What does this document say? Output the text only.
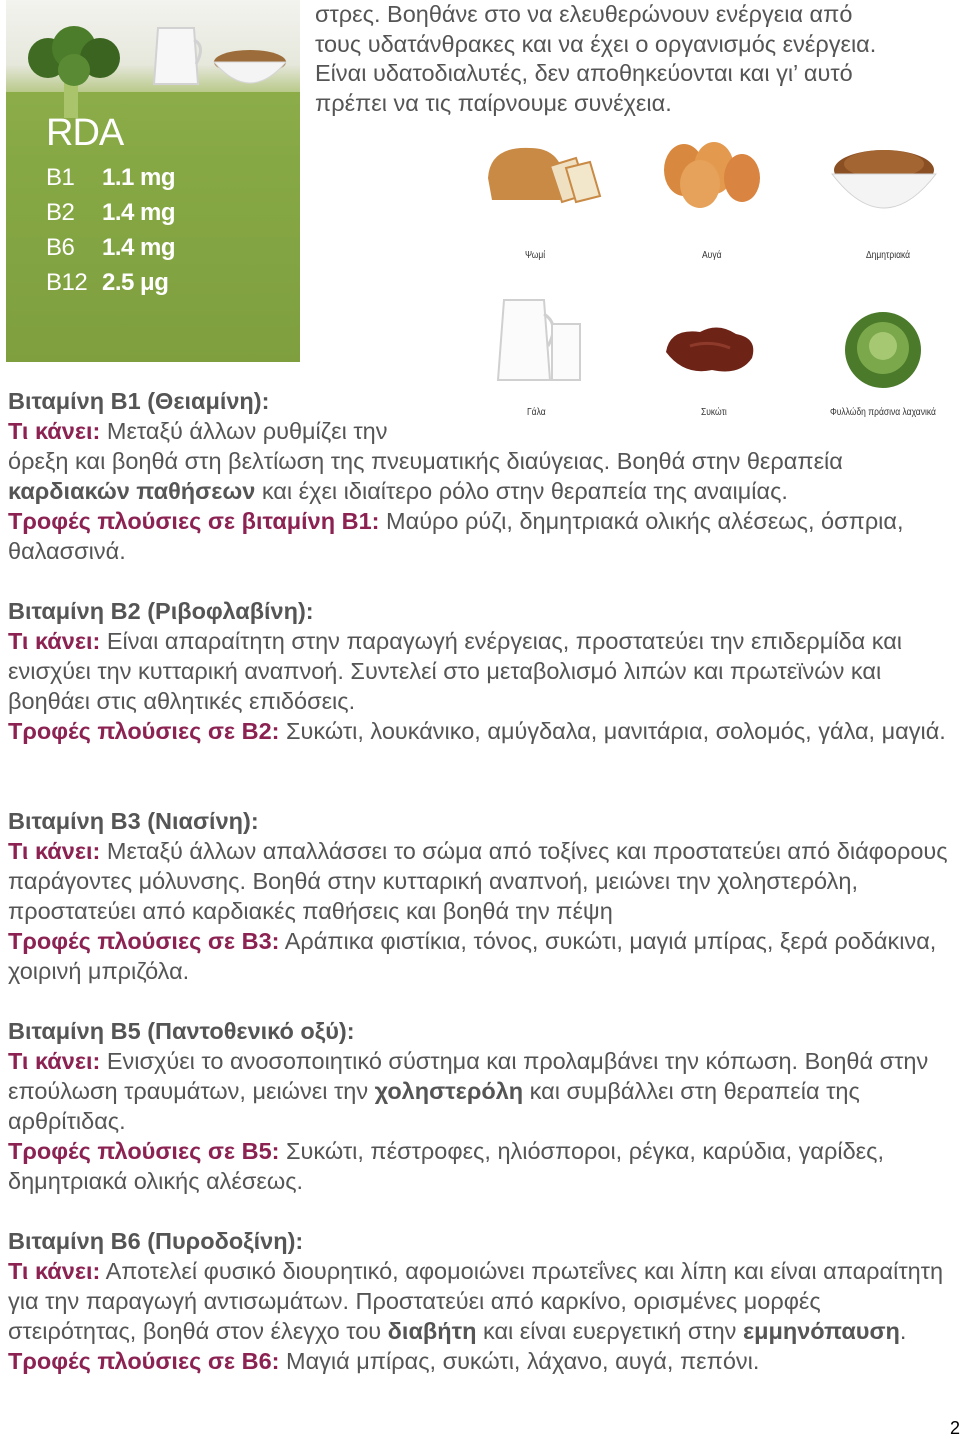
στρες. Βοηθάνε στο να ελευθερώνουν ενέργεια από
τους υδατάνθρακες και να έχει ο οργανισμός ενέργεια.
Είναι υδατοδιαλυτές, δεν αποθηκεύονται και γι’ αυτό
πρέπει να τις παίρνουμε συνέχεια.
RDA
B1 1.1 mg
B2 1.4 mg
B6 1.4 mg
B12 2.5 μg
Ψωμί	Αυγά	Δημητριακά
Γάλα	Συκώτι	Φυλλώδη πράσινα λαχανικά

Βιταμίνη Β1 (Θειαμίνη):

Τι κάνει: Μεταξύ άλλων ρυθμίζει την

όρεξη και βοηθά στη βελτίωση της πνευματικής διαύγειας. Βοηθά στην θεραπεία καρδιακών παθήσεων και έχει ιδιαίτερο ρόλο στην θεραπεία της αναιμίας.

Τροφές πλούσιες σε βιταμίνη Β1: Μαύρο ρύζι, δημητριακά ολικής αλέσεως, όσπρια, θαλασσινά.

Βιταμίνη Β2 (Ριβοφλαβίνη):

Τι κάνει: Είναι απαραίτητη στην παραγωγή ενέργειας, προστατεύει την επιδερμίδα και ενισχύει την κυτταρική αναπνοή. Συντελεί στο μεταβολισμό λιπών και πρωτεϊνών και βοηθάει στις αθλητικές επιδόσεις.

Τροφές πλούσιες σε Β2: Συκώτι, λουκάνικο, αμύγδαλα, μανιτάρια, σολομός, γάλα, μαγιά.

Βιταμίνη Β3 (Νιασίνη):

Τι κάνει: Μεταξύ άλλων απαλλάσσει το σώμα από τοξίνες και προστατεύει από διάφορους παράγοντες μόλυνσης. Βοηθά στην κυτταρική αναπνοή, μειώνει την χοληστερόλη, προστατεύει από καρδιακές παθήσεις και βοηθά την πέψη

Τροφές πλούσιες σε Β3: Αράπικα φιστίκια, τόνος, συκώτι, μαγιά μπίρας, ξερά ροδάκινα, χοιρινή μπριζόλα.

Βιταμίνη Β5 (Παντοθενικό οξύ):

Τι κάνει: Ενισχύει το ανοσοποιητικό σύστημα και προλαμβάνει την κόπωση. Βοηθά στην επούλωση τραυμάτων, μειώνει την χοληστερόλη και συμβάλλει στη θεραπεία της αρθρίτιδας.

Τροφές πλούσιες σε Β5: Συκώτι, πέστροφες, ηλιόσποροι, ρέγκα, καρύδια, γαρίδες, δημητριακά ολικής αλέσεως.

Βιταμίνη Β6 (Πυροδοξίνη):

Τι κάνει: Αποτελεί φυσικό διουρητικό, αφομοιώνει πρωτεΐνες και λίπη και είναι απαραίτητη για την παραγωγή αντισωμάτων. Προστατεύει από καρκίνο, ορισμένες μορφές στειρότητας, βοηθά στον έλεγχο του διαβήτη και είναι ευεργετική στην εμμηνόπαυση.

Τροφές πλούσιες σε Β6: Μαγιά μπίρας, συκώτι, λάχανο, αυγά, πεπόνι.

2
